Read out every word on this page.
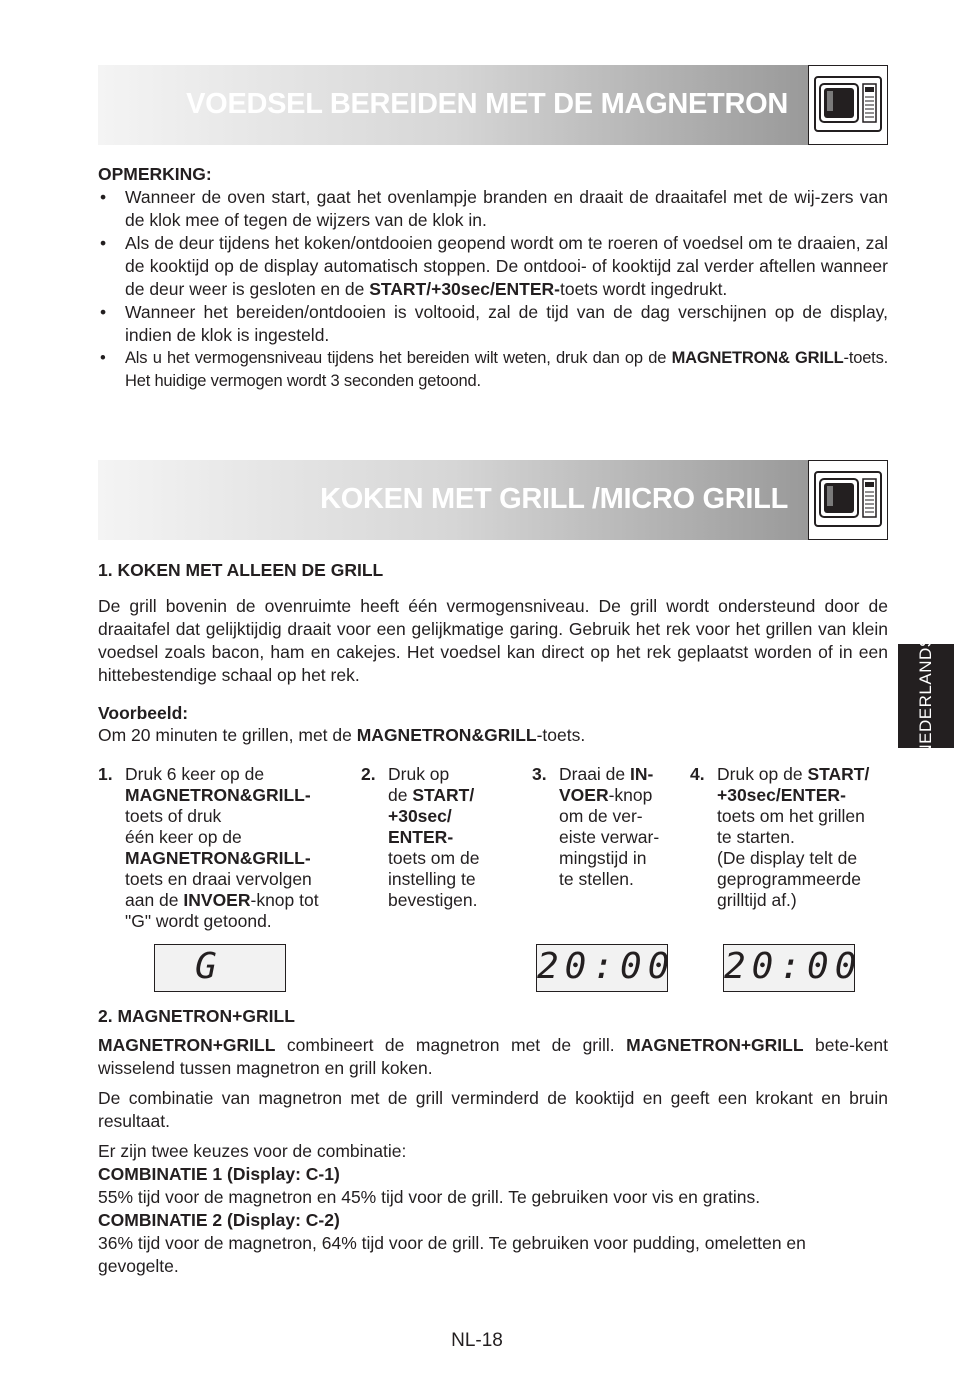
VOEDSEL BEREIDEN MET DE MAGNETRON
OPMERKING:
• Wanneer de oven start, gaat het ovenlampje branden en draait de draaitafel met de wij-zers van de klok mee of tegen de wijzers van de klok in.
• Als de deur tijdens het koken/ontdooien geopend wordt om te roeren of voedsel om te draaien, zal de kooktijd op de display automatisch stoppen. De ontdooi- of kooktijd zal verder aftellen wanneer de deur weer is gesloten en de START/+30sec/ENTER-toets wordt ingedrukt.
• Wanneer het bereiden/ontdooien is voltooid, zal de tijd van de dag verschijnen op de display, indien de klok is ingesteld.
• Als u het vermogensniveau tijdens het bereiden wilt weten, druk dan op de MAGNETRON& GRILL-toets. Het huidige vermogen wordt 3 seconden getoond.
KOKEN MET GRILL /MICRO GRILL
1. KOKEN MET ALLEEN DE GRILL
De grill bovenin de ovenruimte heeft één vermogensniveau. De grill wordt ondersteund door de draaitafel dat gelijktijdig draait voor een gelijkmatige garing. Gebruik het rek voor het grillen van klein voedsel zoals bacon, ham en cakejes. Het voedsel kan direct op het rek geplaatst worden of in een hittebestendige schaal op het rek.
Voorbeeld:
Om 20 minuten te grillen, met de MAGNETRON&GRILL-toets.
1. Druk 6 keer op de
MAGNETRON&GRILL-
toets of druk
één keer op de
MAGNETRON&GRILL-
toets en draai vervolgen
aan de INVOER-knop tot
"G" wordt getoond.
2. Druk op
de START/
+30sec/
ENTER-
toets om de
instelling te
bevestigen.
3. Draai de IN-
VOER-knop
om de ver-
eiste verwar-
mingstijd in
te stellen.
4. Druk op de START/
+30sec/ENTER-
toets om het grillen
te starten.
(De display telt de
geprogrammeerde
grilltijd af.)
G	20:00 20:00
2. MAGNETRON+GRILL
MAGNETRON+GRILL combineert de magnetron met de grill. MAGNETRON+GRILL bete-kent wisselend tussen magnetron en grill koken.
De combinatie van magnetron met de grill verminderd de kooktijd en geeft een krokant en bruin resultaat.
Er zijn twee keuzes voor de combinatie:
COMBINATIE 1 (Display: C-1)
55% tijd voor de magnetron en 45% tijd voor de grill. Te gebruiken voor vis en gratins.
COMBINATIE 2 (Display: C-2)
36% tijd voor de magnetron, 64% tijd voor de grill. Te gebruiken voor pudding, omeletten en gevogelte.
NEDERLANDS
NL-18
